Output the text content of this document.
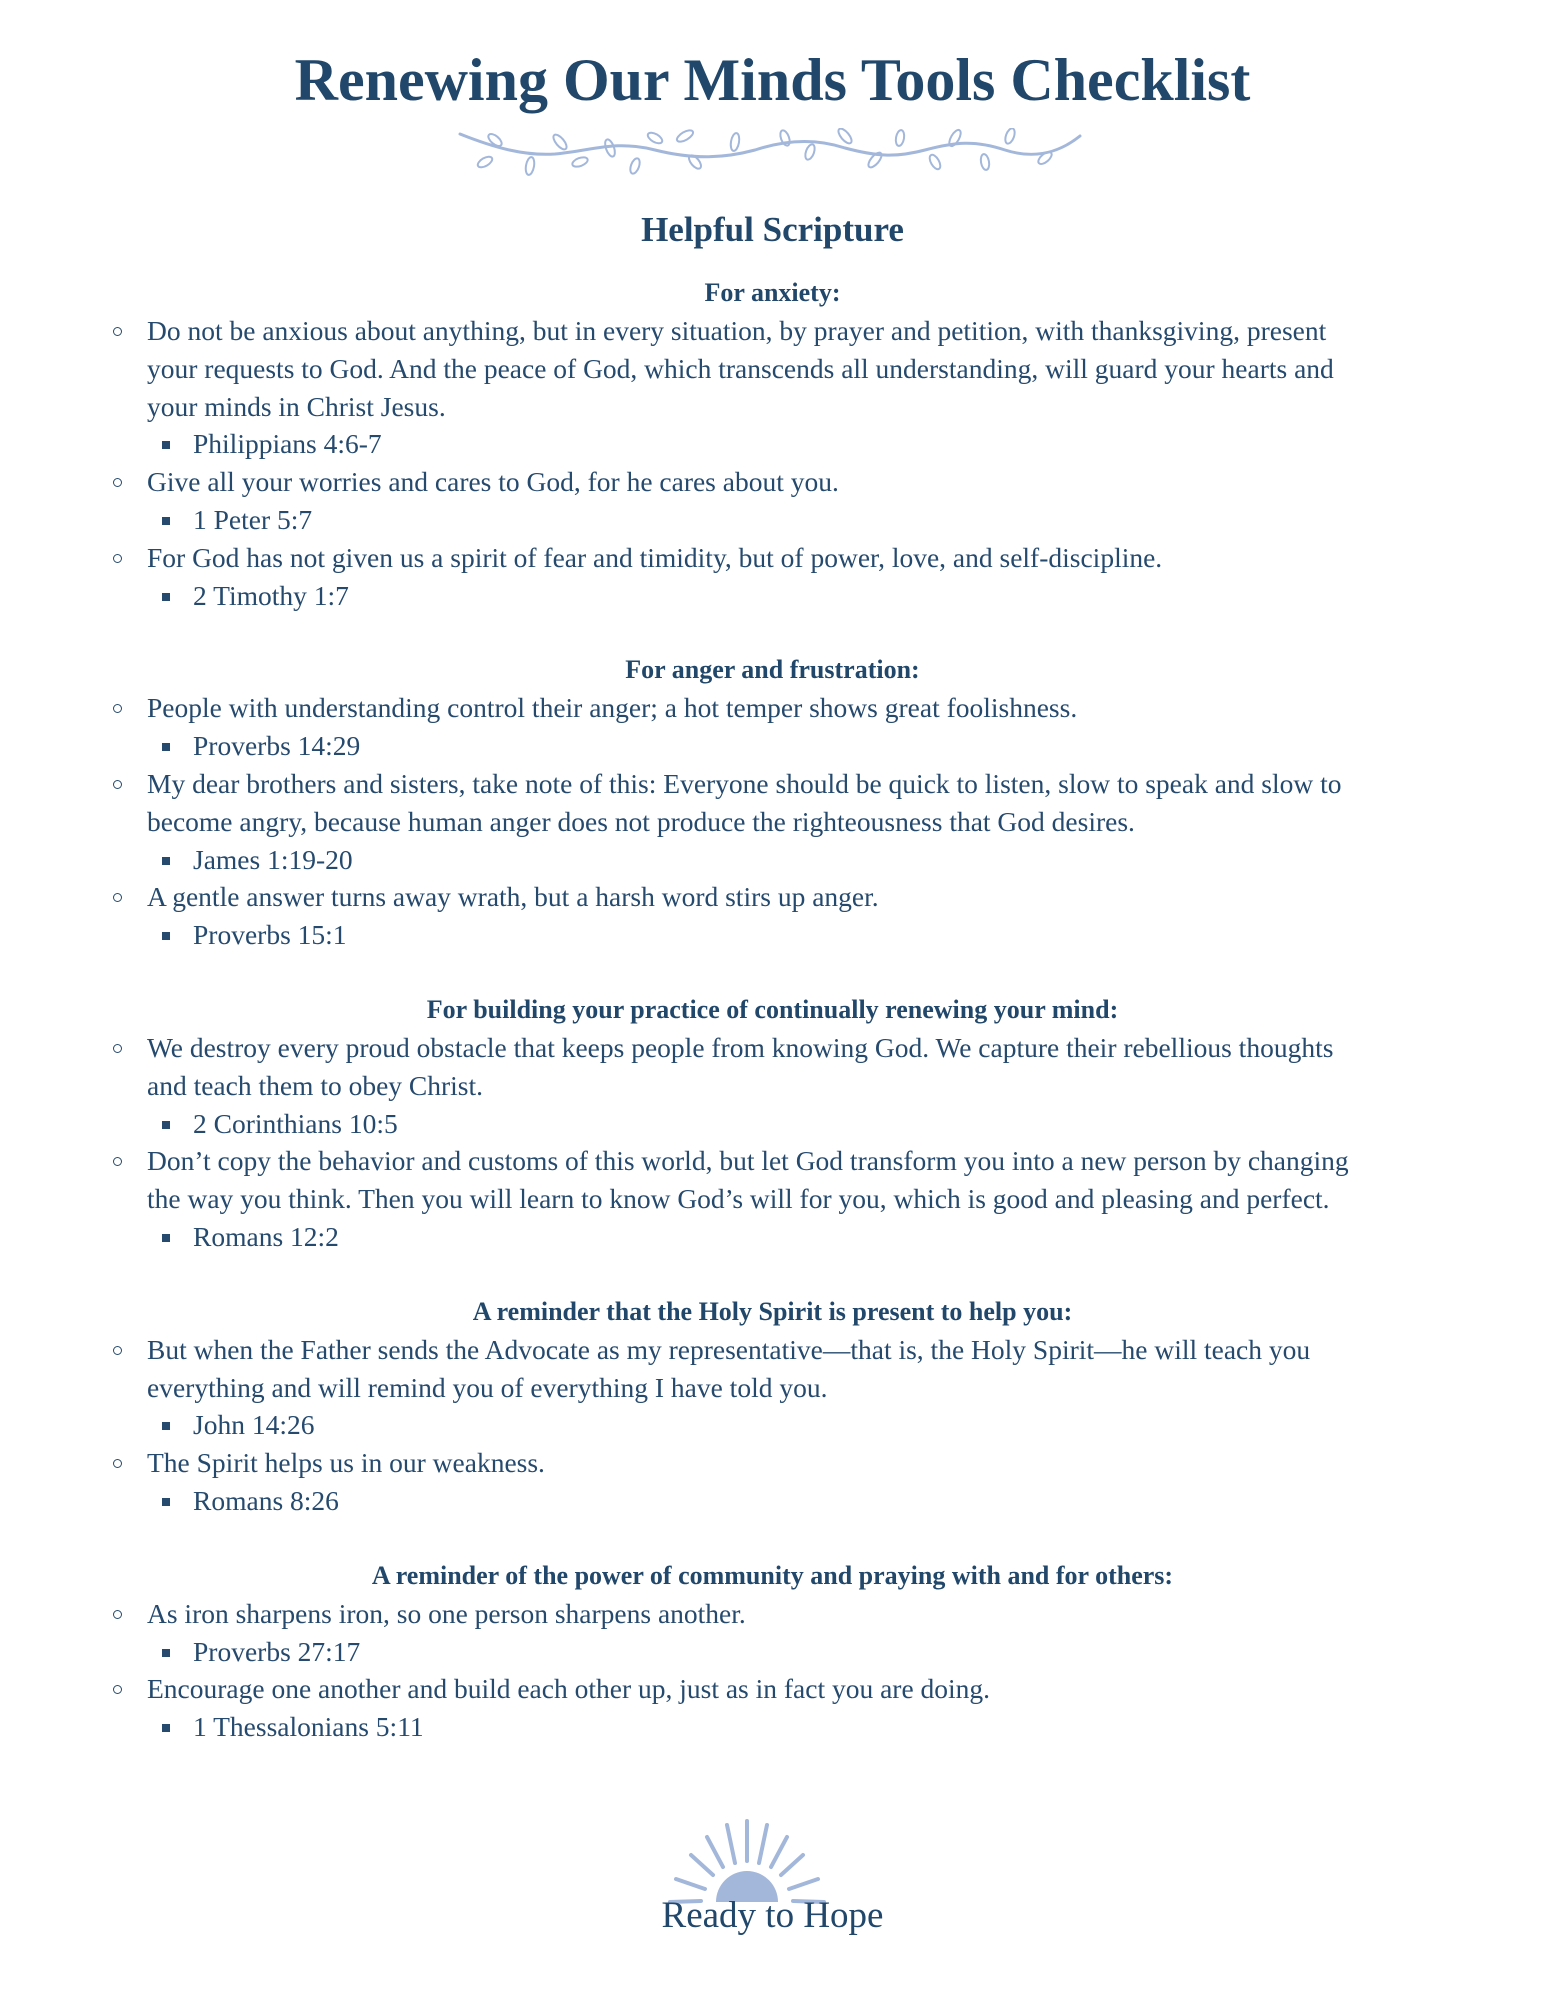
Renewing Our Minds Tools Checklist
Helpful Scripture
For anxiety:
Do not be anxious about anything, but in every situation, by prayer and petition, with thanksgiving, present
your requests to God. And the peace of God, which transcends all understanding, will guard your hearts and
your minds in Christ Jesus.
Philippians 4:6-7
Give all your worries and cares to God, for he cares about you.
1 Peter 5:7
For God has not given us a spirit of fear and timidity, but of power, love, and self-discipline.
2 Timothy 1:7
For anger and frustration:
People with understanding control their anger; a hot temper shows great foolishness.
Proverbs 14:29
My dear brothers and sisters, take note of this: Everyone should be quick to listen, slow to speak and slow to
become angry, because human anger does not produce the righteousness that God desires.
James 1:19-20
A gentle answer turns away wrath, but a harsh word stirs up anger.
Proverbs 15:1
For building your practice of continually renewing your mind:
We destroy every proud obstacle that keeps people from knowing God. We capture their rebellious thoughts
and teach them to obey Christ.
2 Corinthians 10:5
Don’t copy the behavior and customs of this world, but let God transform you into a new person by changing
the way you think. Then you will learn to know God’s will for you, which is good and pleasing and perfect.
Romans 12:2
A reminder that the Holy Spirit is present to help you:
But when the Father sends the Advocate as my representative—that is, the Holy Spirit—he will teach you
everything and will remind you of everything I have told you.
John 14:26
The Spirit helps us in our weakness.
Romans 8:26
A reminder of the power of community and praying with and for others:
As iron sharpens iron, so one person sharpens another.
Proverbs 27:17
Encourage one another and build each other up, just as in fact you are doing.
1 Thessalonians 5:11
Ready to Hope
